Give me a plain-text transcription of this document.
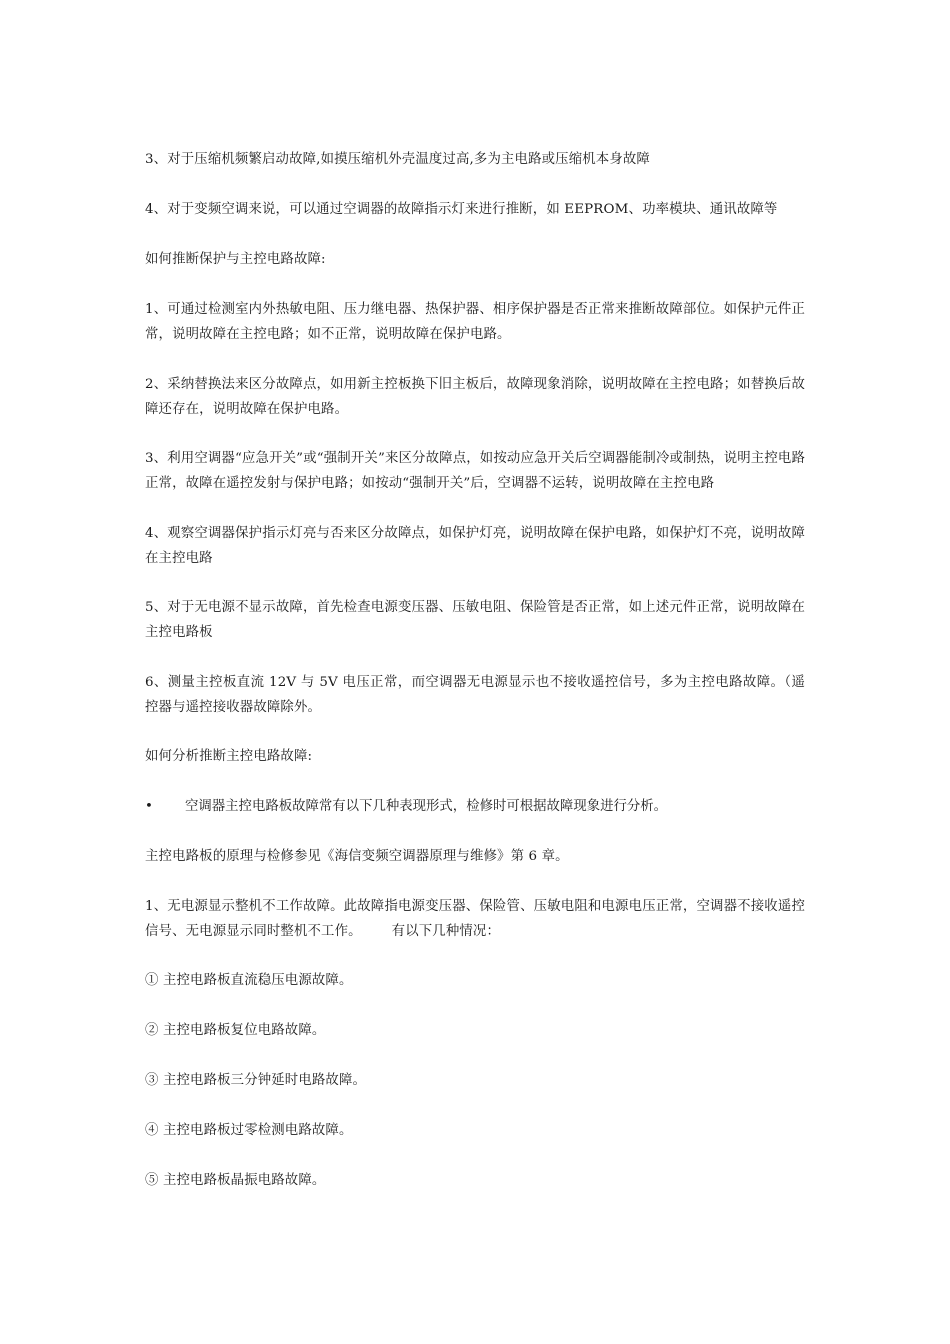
3、对于压缩机频繁启动故障,如摸压缩机外壳温度过高,多为主电路或压缩机本身故障

4、对于变频空调来说，可以通过空调器的故障指示灯来进行推断，如 EEPROM、功率模块、通讯故障等

如何推断保护与主控电路故障:

1、可通过检测室内外热敏电阻、压力继电器、热保护器、相序保护器是否正常来推断故障部位。如保护元件正常，说明故障在主控电路；如不正常，说明故障在保护电路。

2、采纳替换法来区分故障点，如用新主控板换下旧主板后，故障现象消除，说明故障在主控电路；如替换后故障还存在，说明故障在保护电路。

3、利用空调器“应急开关”或“强制开关”来区分故障点，如按动应急开关后空调器能制冷或制热，说明主控电路正常，故障在遥控发射与保护电路；如按动“强制开关”后，空调器不运转，说明故障在主控电路

4、观察空调器保护指示灯亮与否来区分故障点，如保护灯亮，说明故障在保护电路，如保护灯不亮，说明故障在主控电路

5、对于无电源不显示故障，首先检查电源变压器、压敏电阻、保险管是否正常，如上述元件正常，说明故障在主控电路板

6、测量主控板直流 12V 与 5V 电压正常，而空调器无电源显示也不接收遥控信号，多为主控电路故障。（遥控器与遥控接收器故障除外。

如何分析推断主控电路故障:

•	空调器主控电路板故障常有以下几种表现形式，检修时可根据故障现象进行分析。

主控电路板的原理与检修参见《海信变频空调器原理与维修》第 6 章。

1、无电源显示整机不工作故障。此故障指电源变压器、保险管、压敏电阻和电源电压正常，空调器不接收遥控信号、无电源显示同时整机不工作。 有以下几种情况：

① 主控电路板直流稳压电源故障。

② 主控电路板复位电路故障。

③ 主控电路板三分钟延时电路故障。

④ 主控电路板过零检测电路故障。

⑤ 主控电路板晶振电路故障。
